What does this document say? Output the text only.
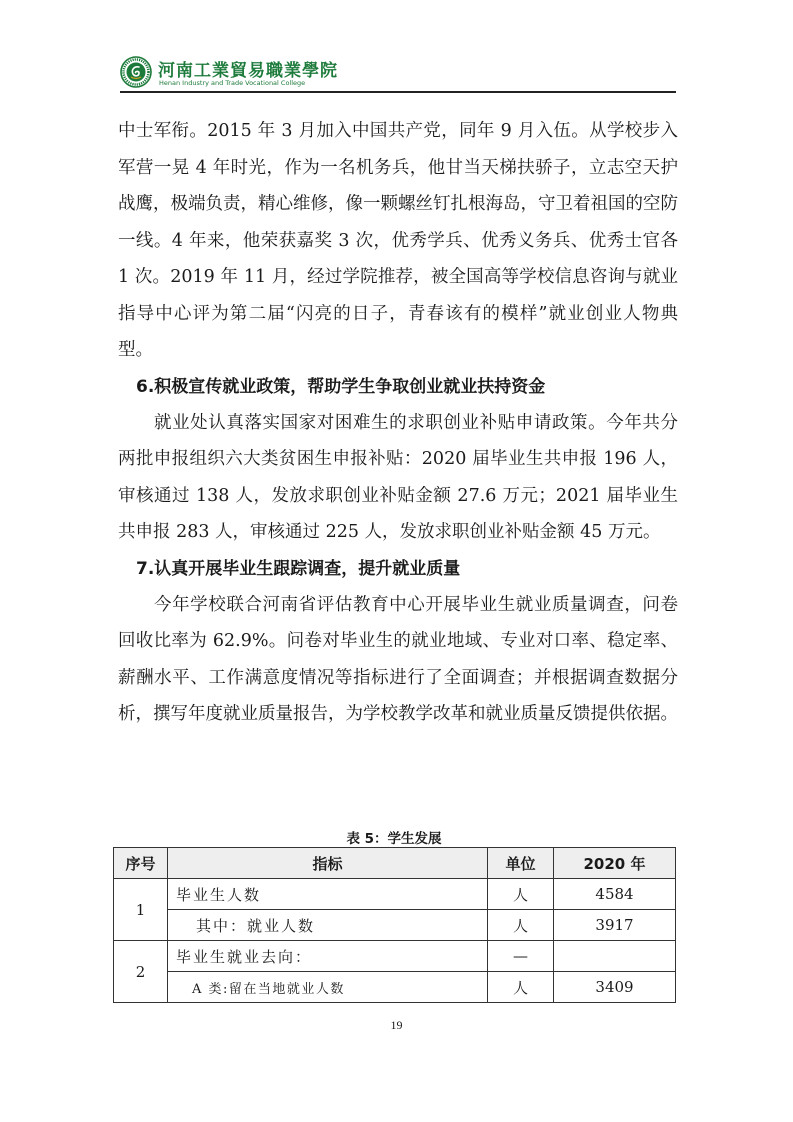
河南工業貿易職業學院
Henan Industry and Trade Vocational College

中士军衔。2015 年 3 月加入中国共产党，同年 9 月入伍。从学校步入军营一晃 4 年时光，作为一名机务兵，他甘当天梯扶骄子，立志空天护战鹰，极端负责，精心维修，像一颗螺丝钉扎根海岛，守卫着祖国的空防一线。4 年来，他荣获嘉奖 3 次，优秀学兵、优秀义务兵、优秀士官各 1 次。2019 年 11 月，经过学院推荐，被全国高等学校信息咨询与就业指导中心评为第二届“闪亮的日子，青春该有的模样”就业创业人物典型。

6.积极宣传就业政策，帮助学生争取创业就业扶持资金

就业处认真落实国家对困难生的求职创业补贴申请政策。今年共分两批申报组织六大类贫困生申报补贴：2020 届毕业生共申报 196 人，审核通过 138 人，发放求职创业补贴金额 27.6 万元；2021 届毕业生共申报 283 人，审核通过 225 人，发放求职创业补贴金额 45 万元。

7.认真开展毕业生跟踪调查，提升就业质量

今年学校联合河南省评估教育中心开展毕业生就业质量调查，问卷回收比率为 62.9%。问卷对毕业生的就业地域、专业对口率、稳定率、薪酬水平、工作满意度情况等指标进行了全面调查；并根据调查数据分析，撰写年度就业质量报告，为学校教学改革和就业质量反馈提供依据。

表 5：学生发展
序号	指标	单位	2020 年
1	毕业生人数	人	4584
	其中：就业人数	人	3917
2	毕业生就业去向：	—	
	A 类:留在当地就业人数	人	3409
19
